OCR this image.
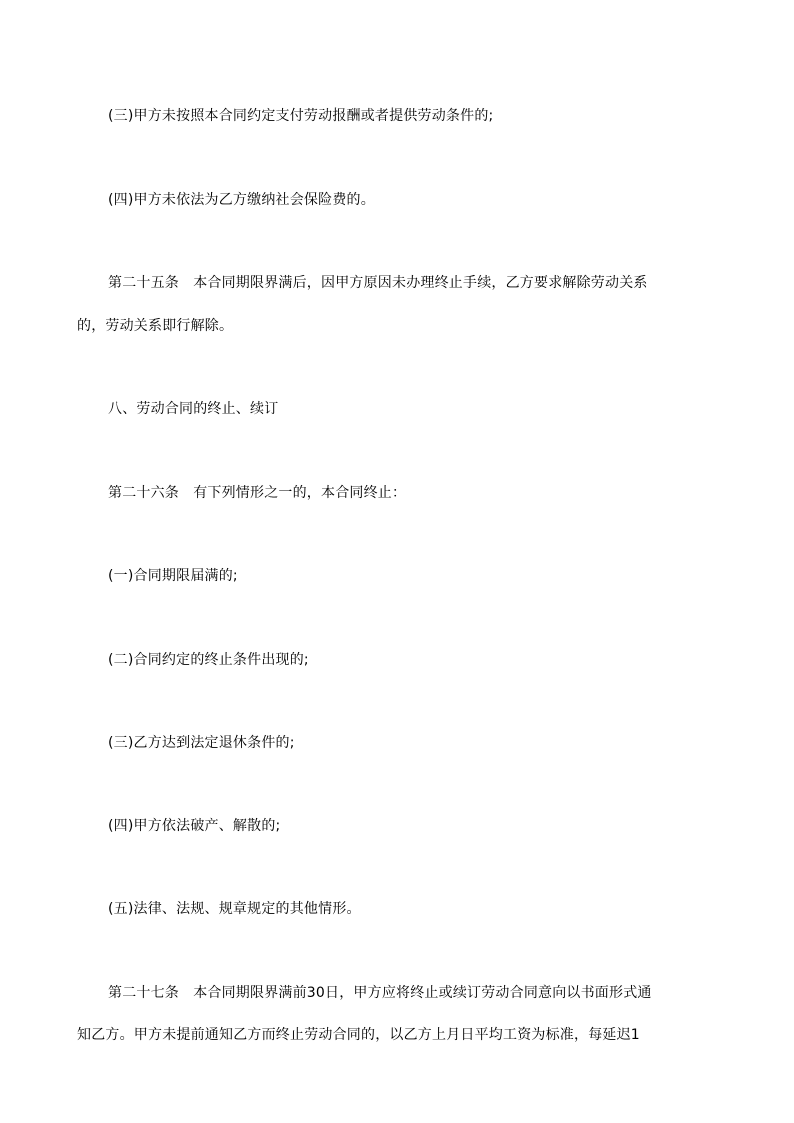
(三)甲方未按照本合同约定支付劳动报酬或者提供劳动条件的;

(四)甲方未依法为乙方缴纳社会保险费的。

第二十五条　本合同期限界满后，因甲方原因未办理终止手续，乙方要求解除劳动关系

的，劳动关系即行解除。

八、劳动合同的终止、续订

第二十六条　有下列情形之一的，本合同终止：

(一)合同期限届满的;

(二)合同约定的终止条件出现的;

(三)乙方达到法定退休条件的;

(四)甲方依法破产、解散的;

(五)法律、法规、规章规定的其他情形。

第二十七条　本合同期限界满前30日，甲方应将终止或续订劳动合同意向以书面形式通

知乙方。甲方未提前通知乙方而终止劳动合同的，以乙方上月日平均工资为标准，每延迟1
